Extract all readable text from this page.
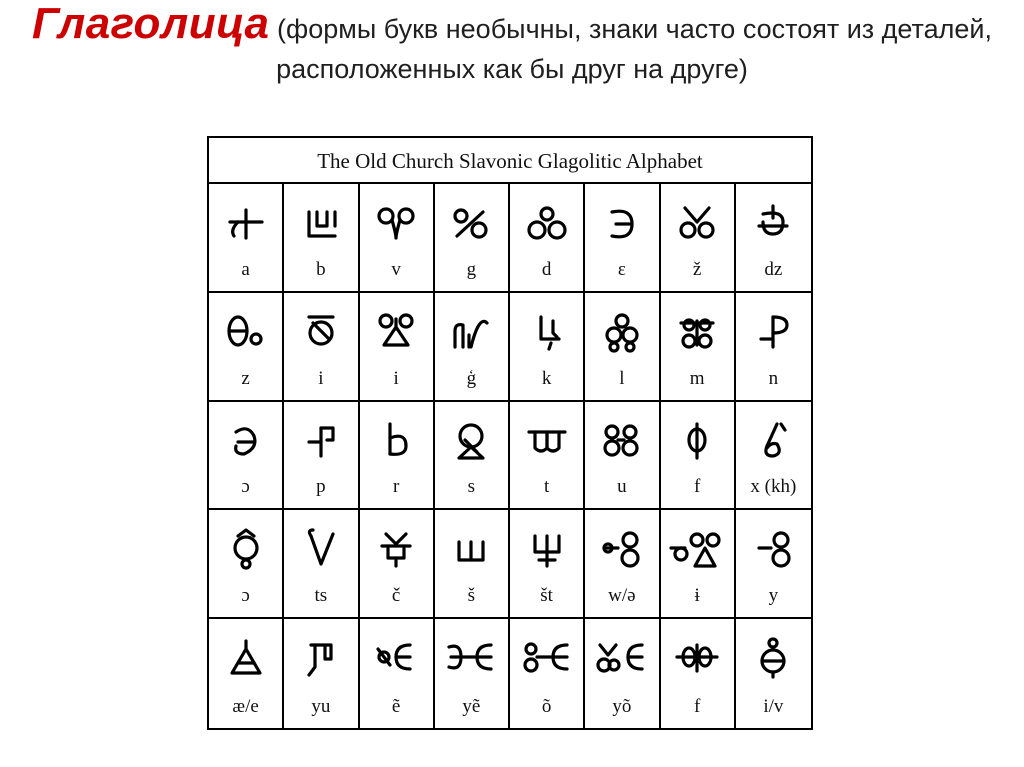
Глаголица (формы букв необычны, знаки часто состоят из деталей, расположенных как бы друг на друге)
The Old Church Slavonic Glagolitic Alphabet
a	b	v	g	d	ɛ	ž	dz
z	i	i	ģ	k	l	m	n
ɔ	p	r	s	t	u	f	x (kh)
ɔ	ts	č	š	št	w/ə	ɨ	y
æ/e	yu	ẽ	yẽ	õ	yõ	f	i/v
